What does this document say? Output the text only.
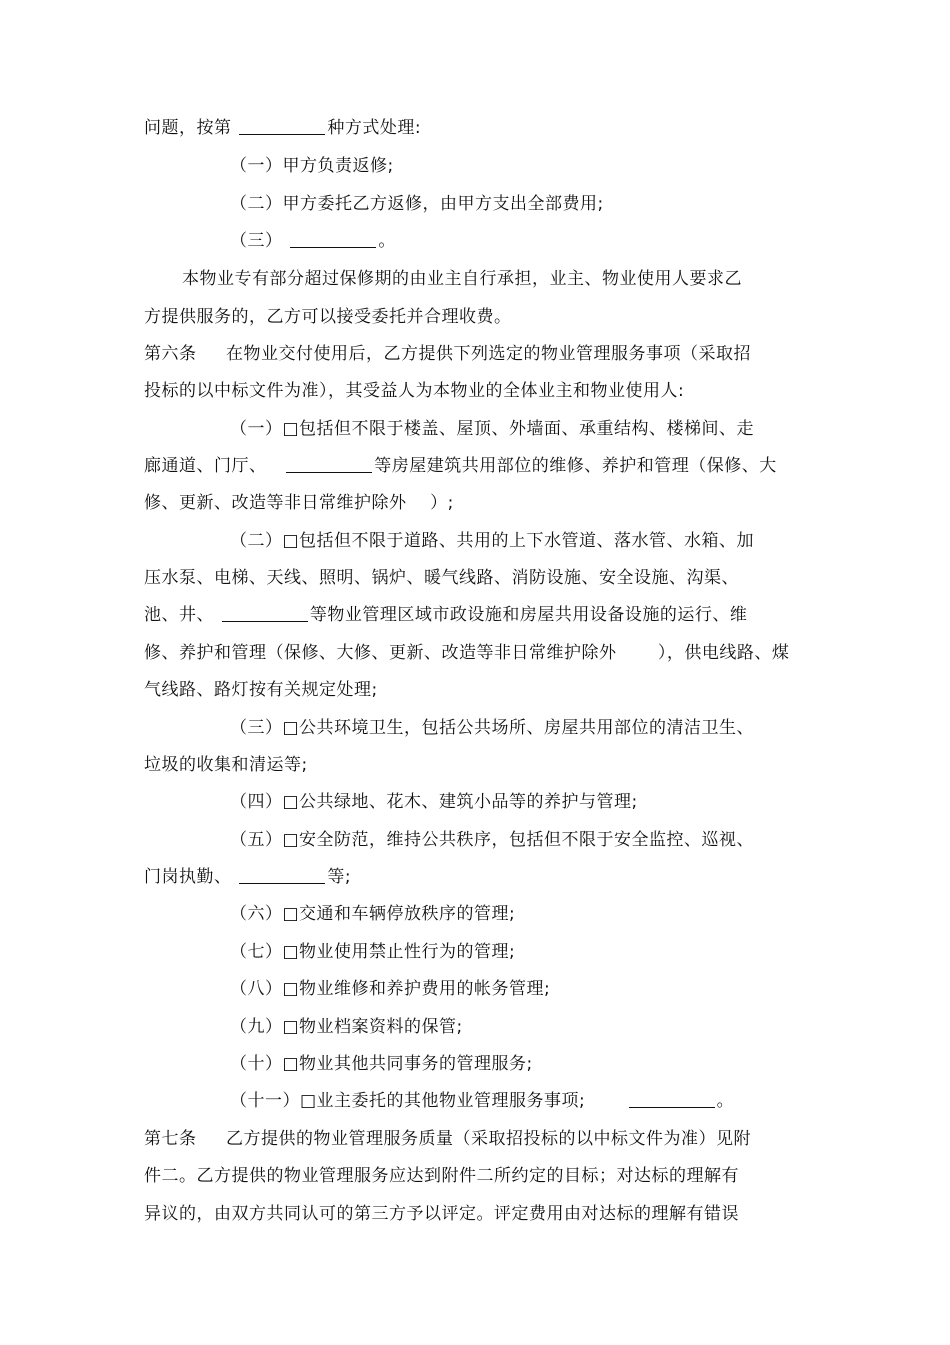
问题，按第	种方式处理:
（一）甲方负责返修;
（二）甲方委托乙方返修，由甲方支出全部费用;
（三）	。
本物业专有部分超过保修期的由业主自行承担，业主、物业使用人要求乙
方提供服务的，乙方可以接受委托并合理收费。
第六条     在物业交付使用后，乙方提供下列选定的物业管理服务事项（采取招
投标的以中标文件为准），其受益人为本物业的全体业主和物业使用人:
（一）□包括但不限于楼盖、屋顶、外墙面、承重结构、楼梯间、走
廊通道、门厅、	等房屋建筑共用部位的维修、养护和管理（保修、大
修、更新、改造等非日常维护除外    ）;
（二）□包括但不限于道路、共用的上下水管道、落水管、水箱、加
压水泵、电梯、天线、照明、锅炉、暖气线路、消防设施、安全设施、沟渠、
池、井、	等物业管理区域市政设施和房屋共用设备设施的运行、维
修、养护和管理（保修、大修、更新、改造等非日常维护除外       ），供电线路、煤
气线路、路灯按有关规定处理;
（三）□公共环境卫生，包括公共场所、房屋共用部位的清洁卫生、
垃圾的收集和清运等;
（四）□公共绿地、花木、建筑小品等的养护与管理;
（五）□安全防范，维持公共秩序，包括但不限于安全监控、巡视、
门岗执勤、	等;
（六）□交通和车辆停放秩序的管理;
（七）□物业使用禁止性行为的管理;
（八）□物业维修和养护费用的帐务管理;
（九）□物业档案资料的保管;
（十）□物业其他共同事务的管理服务;
（十一）□业主委托的其他物业管理服务事项;	。
第七条     乙方提供的物业管理服务质量（采取招投标的以中标文件为准）见附
件二。乙方提供的物业管理服务应达到附件二所约定的目标；对达标的理解有
异议的，由双方共同认可的第三方予以评定。评定费用由对达标的理解有错误
